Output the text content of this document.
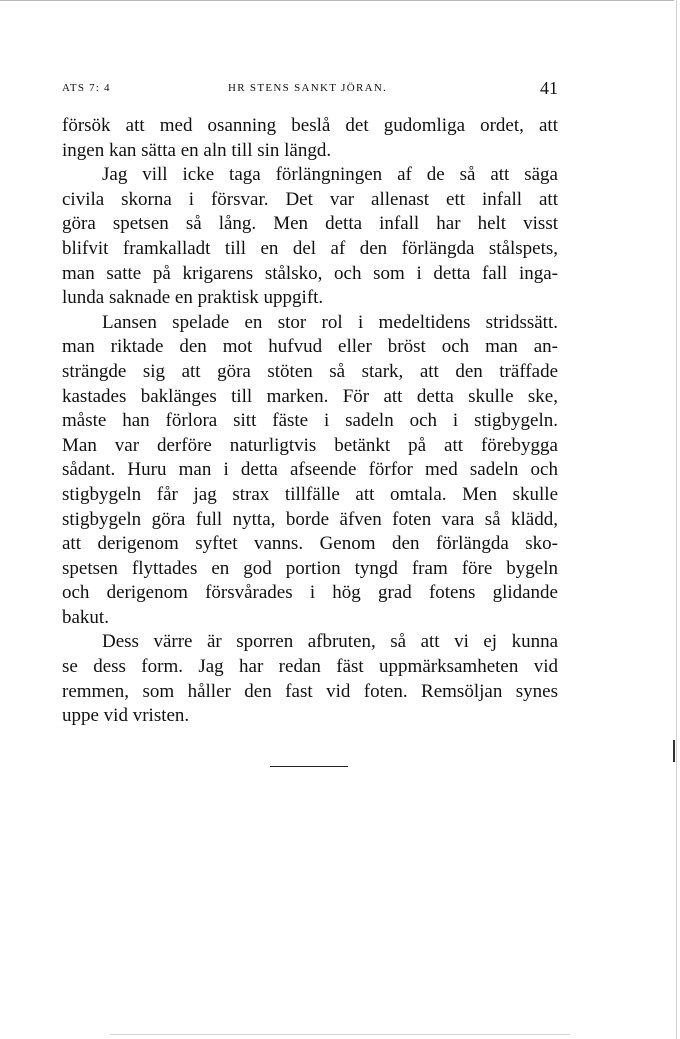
ATS 7: 4	HR STENS SANKT JÖRAN.	41
försök att med osanning beslå det gudomliga ordet, att
ingen kan sätta en aln till sin längd.
Jag vill icke taga förlängningen af de så att säga
civila skorna i försvar. Det var allenast ett infall att
göra spetsen så lång. Men detta infall har helt visst
blifvit framkalladt till en del af den förlängda stålspets,
man satte på krigarens stålsko, och som i detta fall inga-
lunda saknade en praktisk uppgift.
Lansen spelade en stor rol i medeltidens stridssätt.
man riktade den mot hufvud eller bröst och man an-
strängde sig att göra stöten så stark, att den träffade
kastades baklänges till marken. För att detta skulle ske,
måste han förlora sitt fäste i sadeln och i stigbygeln.
Man var derföre naturligtvis betänkt på att förebygga
sådant. Huru man i detta afseende förfor med sadeln och
stigbygeln får jag strax tillfälle att omtala. Men skulle
stigbygeln göra full nytta, borde äfven foten vara så klädd,
att derigenom syftet vanns. Genom den förlängda sko-
spetsen flyttades en god portion tyngd fram före bygeln
och derigenom försvårades i hög grad fotens glidande
bakut.
Dess värre är sporren afbruten, så att vi ej kunna
se dess form. Jag har redan fäst uppmärksamheten vid
remmen, som håller den fast vid foten. Remsöljan synes
uppe vid vristen.
